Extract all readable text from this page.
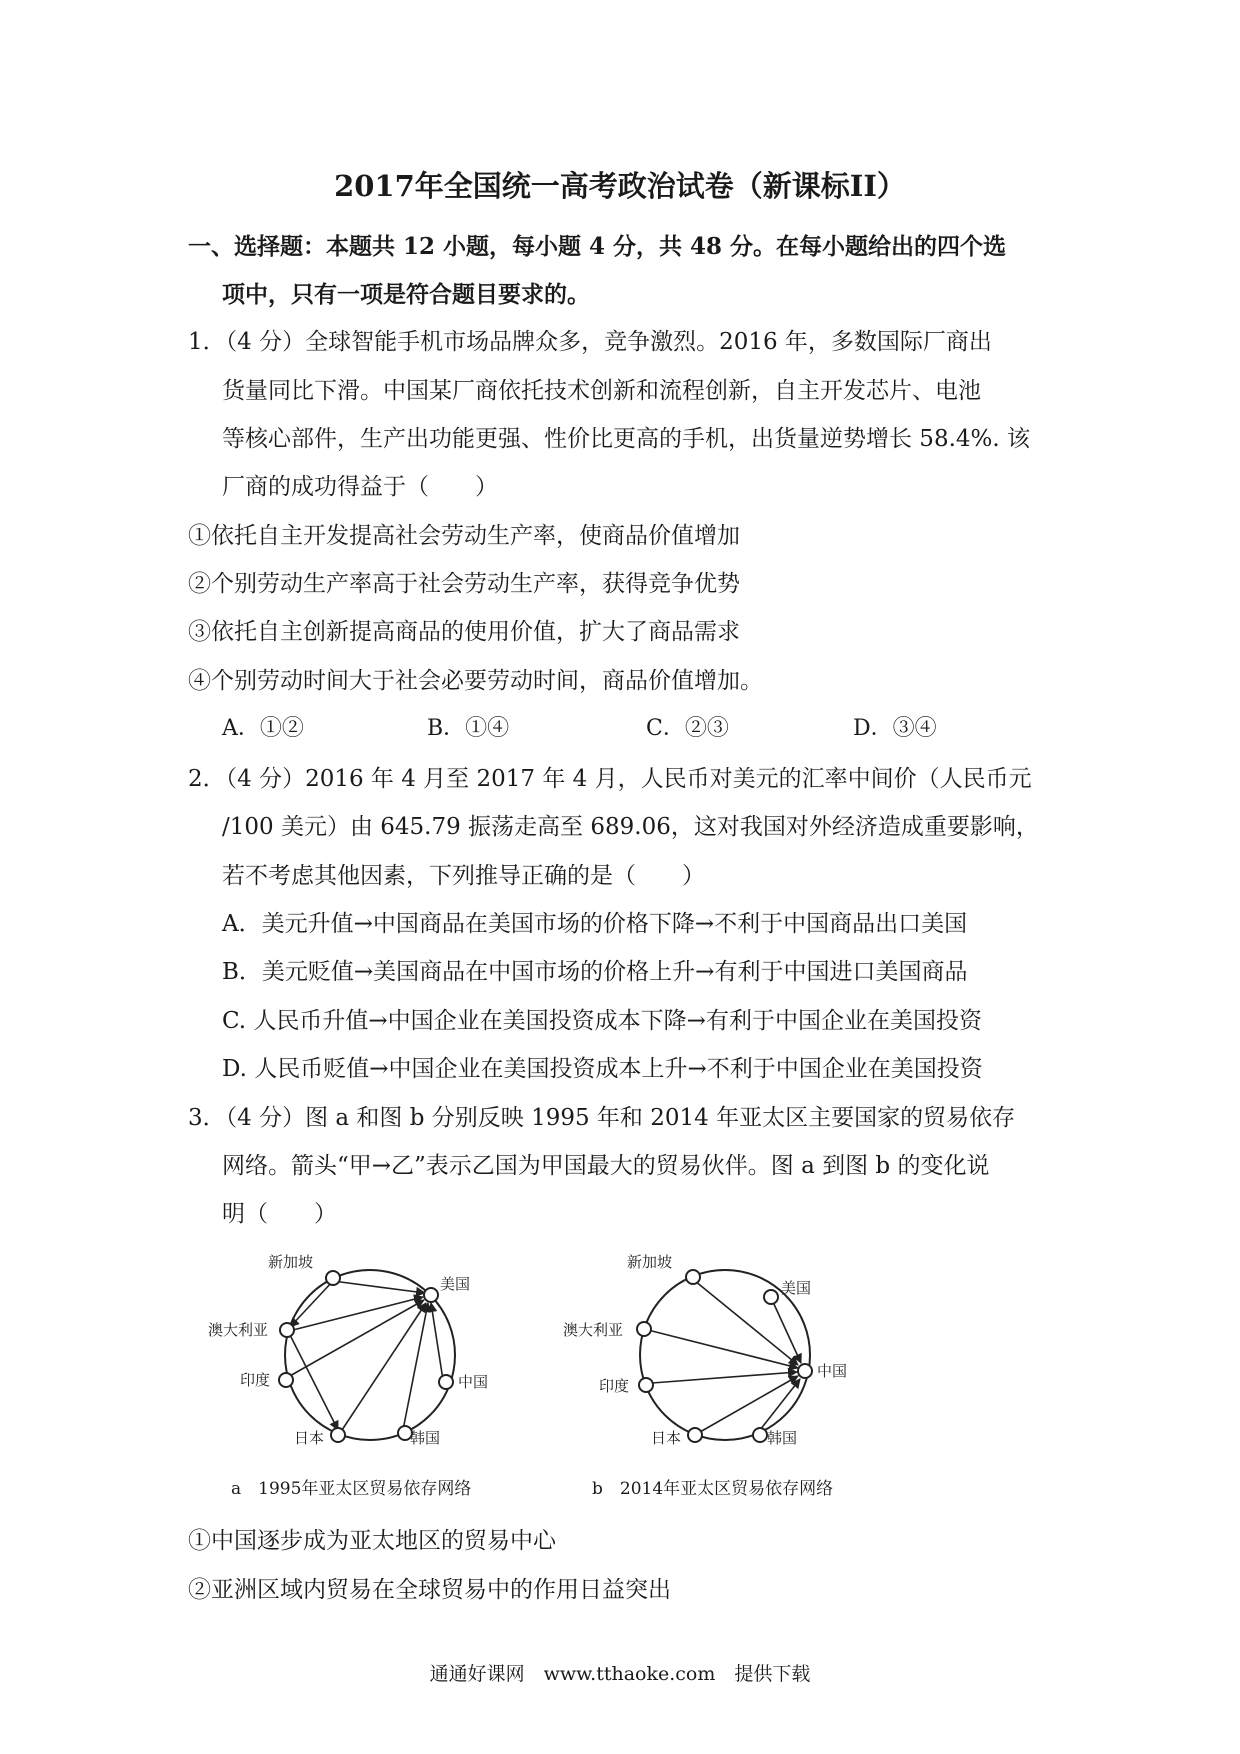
2017年全国统一高考政治试卷（新课标II）
一、选择题：本题共 12 小题，每小题 4 分，共 48 分。在每小题给出的四个选
项中，只有一项是符合题目要求的。
1．（4 分）全球智能手机市场品牌众多，竞争激烈。2016 年，多数国际厂商出
货量同比下滑。中国某厂商依托技术创新和流程创新，自主开发芯片、电池
等核心部件，生产出功能更强、性价比更高的手机，出货量逆势增长 58.4%. 该
厂商的成功得益于（　　）
①依托自主开发提高社会劳动生产率，使商品价值增加
②个别劳动生产率高于社会劳动生产率，获得竞争优势
③依托自主创新提高商品的使用价值，扩大了商品需求
④个别劳动时间大于社会必要劳动时间，商品价值增加。
A．①②	B．①④	C．②③	D．③④
2．（4 分）2016 年 4 月至 2017 年 4 月，人民币对美元的汇率中间价（人民币元
/100 美元）由 645.79 振荡走高至 689.06，这对我国对外经济造成重要影响，
若不考虑其他因素，下列推导正确的是（　　）
A．美元升值→中国商品在美国市场的价格下降→不利于中国商品出口美国
B．美元贬值→美国商品在中国市场的价格上升→有利于中国进口美国商品
C. 人民币升值→中国企业在美国投资成本下降→有利于中国企业在美国投资
D. 人民币贬值→中国企业在美国投资成本上升→不利于中国企业在美国投资
3．（4 分）图 a 和图 b 分别反映 1995 年和 2014 年亚太区主要国家的贸易依存
网络。箭头“甲→乙”表示乙国为甲国最大的贸易伙伴。图 a 到图 b 的变化说
明（　　）
新加坡
美国
澳大利亚
中国
印度
日本	韩国
a　1995年亚太区贸易依存网络
新加坡
美国
澳大利亚
中国
印度
日本	韩国
b　2014年亚太区贸易依存网络
①中国逐步成为亚太地区的贸易中心
②亚洲区域内贸易在全球贸易中的作用日益突出
通通好课网　www.tthaoke.com　提供下载
